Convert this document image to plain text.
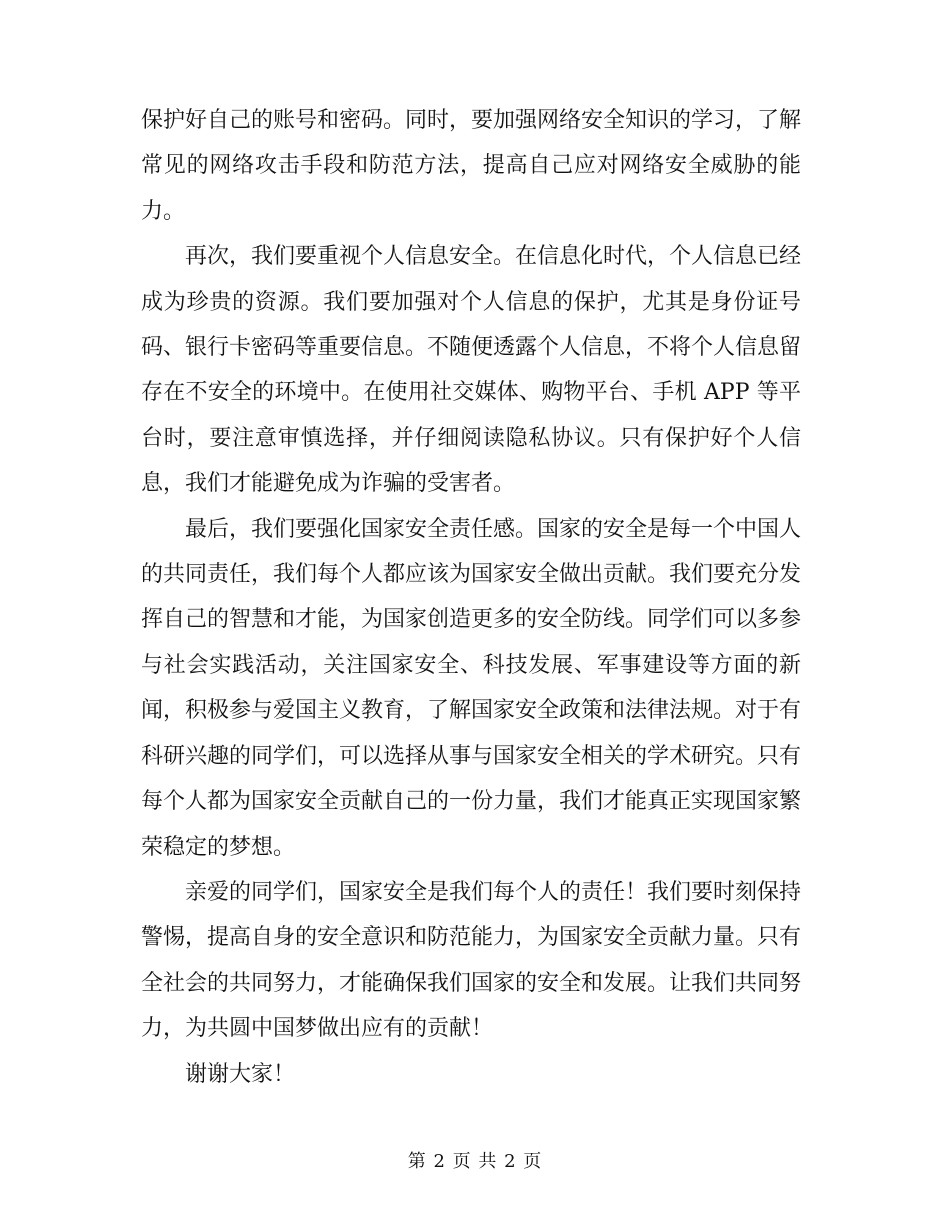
保护好自己的账号和密码。同时，要加强网络安全知识的学习，了解常见的网络攻击手段和防范方法，提高自己应对网络安全威胁的能力。

再次，我们要重视个人信息安全。在信息化时代，个人信息已经成为珍贵的资源。我们要加强对个人信息的保护，尤其是身份证号码、银行卡密码等重要信息。不随便透露个人信息，不将个人信息留存在不安全的环境中。在使用社交媒体、购物平台、手机 APP 等平台时，要注意审慎选择，并仔细阅读隐私协议。只有保护好个人信息，我们才能避免成为诈骗的受害者。

最后，我们要强化国家安全责任感。国家的安全是每一个中国人的共同责任，我们每个人都应该为国家安全做出贡献。我们要充分发挥自己的智慧和才能，为国家创造更多的安全防线。同学们可以多参与社会实践活动，关注国家安全、科技发展、军事建设等方面的新闻，积极参与爱国主义教育，了解国家安全政策和法律法规。对于有科研兴趣的同学们，可以选择从事与国家安全相关的学术研究。只有每个人都为国家安全贡献自己的一份力量，我们才能真正实现国家繁荣稳定的梦想。

亲爱的同学们，国家安全是我们每个人的责任！我们要时刻保持警惕，提高自身的安全意识和防范能力，为国家安全贡献力量。只有全社会的共同努力，才能确保我们国家的安全和发展。让我们共同努力，为共圆中国梦做出应有的贡献！

谢谢大家！

第 2 页 共 2 页
